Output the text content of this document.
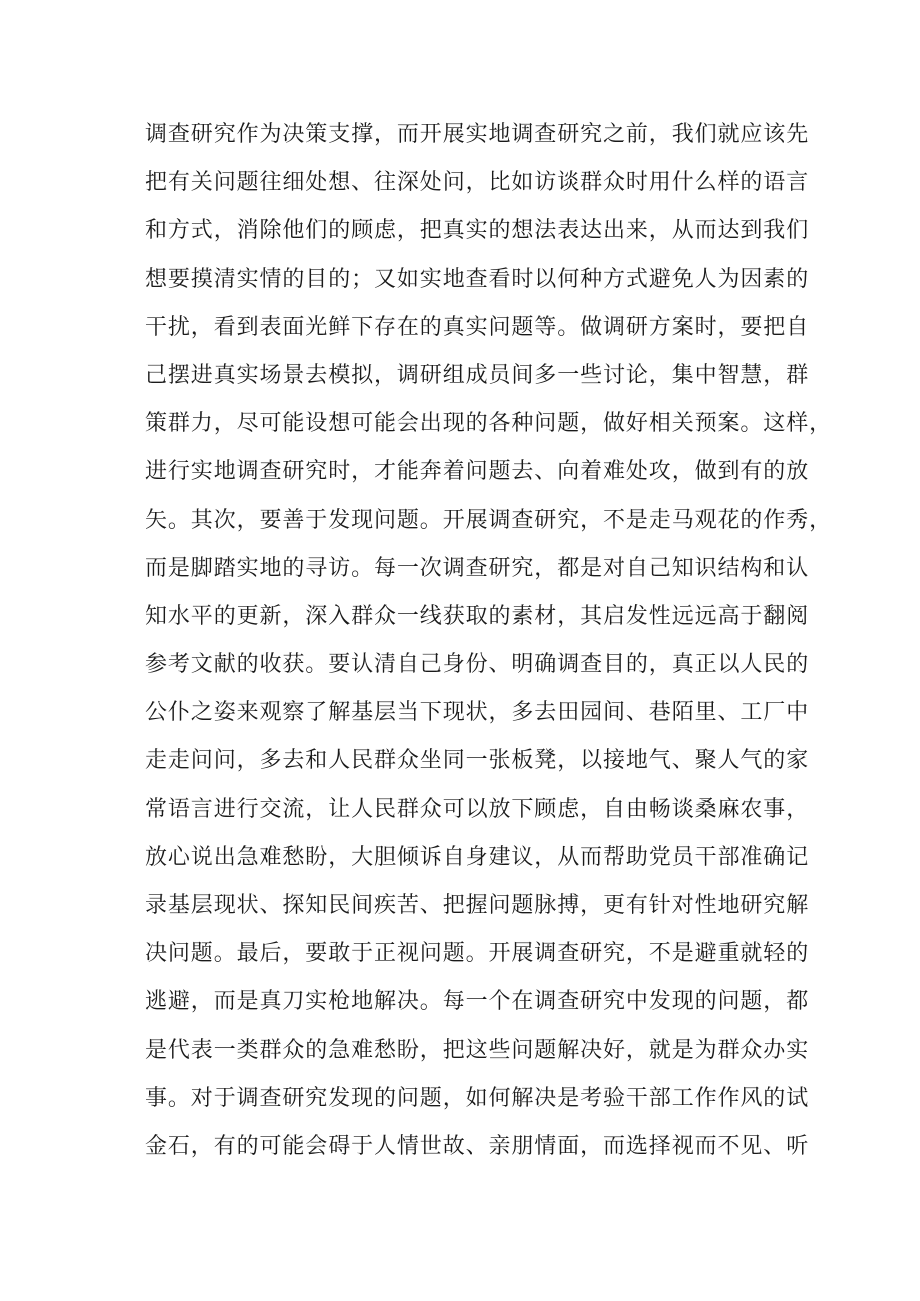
调查研究作为决策支撑，而开展实地调查研究之前，我们就应该先
把有关问题往细处想、往深处问，比如访谈群众时用什么样的语言
和方式，消除他们的顾虑，把真实的想法表达出来，从而达到我们
想要摸清实情的目的；又如实地查看时以何种方式避免人为因素的
干扰，看到表面光鲜下存在的真实问题等。做调研方案时，要把自
己摆进真实场景去模拟，调研组成员间多一些讨论，集中智慧，群
策群力，尽可能设想可能会出现的各种问题，做好相关预案。这样，
进行实地调查研究时，才能奔着问题去、向着难处攻，做到有的放
矢。其次，要善于发现问题。开展调查研究，不是走马观花的作秀，
而是脚踏实地的寻访。每一次调查研究，都是对自己知识结构和认
知水平的更新，深入群众一线获取的素材，其启发性远远高于翻阅
参考文献的收获。要认清自己身份、明确调查目的，真正以人民的
公仆之姿来观察了解基层当下现状，多去田园间、巷陌里、工厂中
走走问问，多去和人民群众坐同一张板凳，以接地气、聚人气的家
常语言进行交流，让人民群众可以放下顾虑，自由畅谈桑麻农事，
放心说出急难愁盼，大胆倾诉自身建议，从而帮助党员干部准确记
录基层现状、探知民间疾苦、把握问题脉搏，更有针对性地研究解
决问题。最后，要敢于正视问题。开展调查研究，不是避重就轻的
逃避，而是真刀实枪地解决。每一个在调查研究中发现的问题，都
是代表一类群众的急难愁盼，把这些问题解决好，就是为群众办实
事。对于调查研究发现的问题，如何解决是考验干部工作作风的试
金石，有的可能会碍于人情世故、亲朋情面，而选择视而不见、听
